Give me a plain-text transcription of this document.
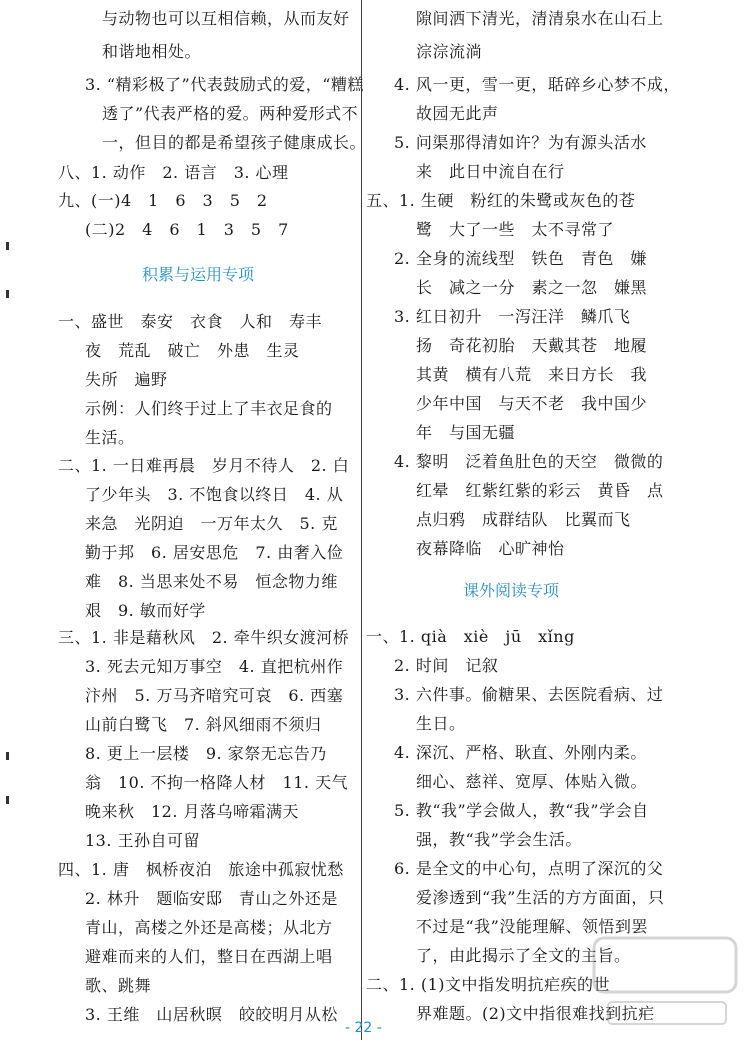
与动物也可以互相信赖，从而友好
和谐地相处。
3. “精彩极了”代表鼓励式的爱，“糟糕
透了”代表严格的爱。两种爱形式不
一，但目的都是希望孩子健康成长。
八、1. 动作　2. 语言　3. 心理
九、(一)4　1　6　3　5　2
(二)2　4　6　1　3　5　7
积累与运用专项
一、盛世　泰安　衣食　人和　寿丰
夜　荒乱　破亡　外患　生灵
失所　遍野
示例：人们终于过上了丰衣足食的
生活。
二、1. 一日难再晨　岁月不待人　2. 白
了少年头　3. 不饱食以终日　4. 从
来急　光阴迫　一万年太久　5. 克
勤于邦　6. 居安思危　7. 由奢入俭
难　8. 当思来处不易　恒念物力维
艰　9. 敏而好学
三、1. 非是藉秋风　2. 牵牛织女渡河桥
3. 死去元知万事空　4. 直把杭州作
汴州　5. 万马齐喑究可哀　6. 西塞
山前白鹭飞　7. 斜风细雨不须归
8. 更上一层楼　9. 家祭无忘告乃
翁　10. 不拘一格降人材　11. 天气
晚来秋　12. 月落乌啼霜满天
13. 王孙自可留
四、1. 唐　枫桥夜泊　旅途中孤寂忧愁
2. 林升　题临安邸　青山之外还是
青山，高楼之外还是高楼；从北方
避难而来的人们，整日在西湖上唱
歌、跳舞
3. 王维　山居秋暝　皎皎明月从松
隙间洒下清光，清清泉水在山石上
淙淙流淌
4. 风一更，雪一更，聒碎乡心梦不成，
故园无此声
5. 问渠那得清如许？为有源头活水
来　此日中流自在行
五、1. 生硬　粉红的朱鹭或灰色的苍
鹭　大了一些　太不寻常了
2. 全身的流线型　铁色　青色　嫌
长　减之一分　素之一忽　嫌黑
3. 红日初升　一泻汪洋　鳞爪飞
扬　奇花初胎　天戴其苍　地履
其黄　横有八荒　来日方长　我
少年中国　与天不老　我中国少
年　与国无疆
4. 黎明　泛着鱼肚色的天空　微微的
红晕　红紫红紫的彩云　黄昏　点
点归鸦　成群结队　比翼而飞
夜幕降临　心旷神怡
课外阅读专项
一、1. qià　xiè　jū　xǐng
2. 时间　记叙
3. 六件事。偷糖果、去医院看病、过
生日。
4. 深沉、严格、耿直、外刚内柔。
细心、慈祥、宽厚、体贴入微。
5. 教“我”学会做人，教“我”学会自
强，教“我”学会生活。
6. 是全文的中心句，点明了深沉的父
爱渗透到“我”生活的方方面面，只
不过是“我”没能理解、领悟到罢
了，由此揭示了全文的主旨。
二、1. (1)文中指发明抗疟疾的世
界难题。(2)文中指很难找到抗疟
- 22 -
